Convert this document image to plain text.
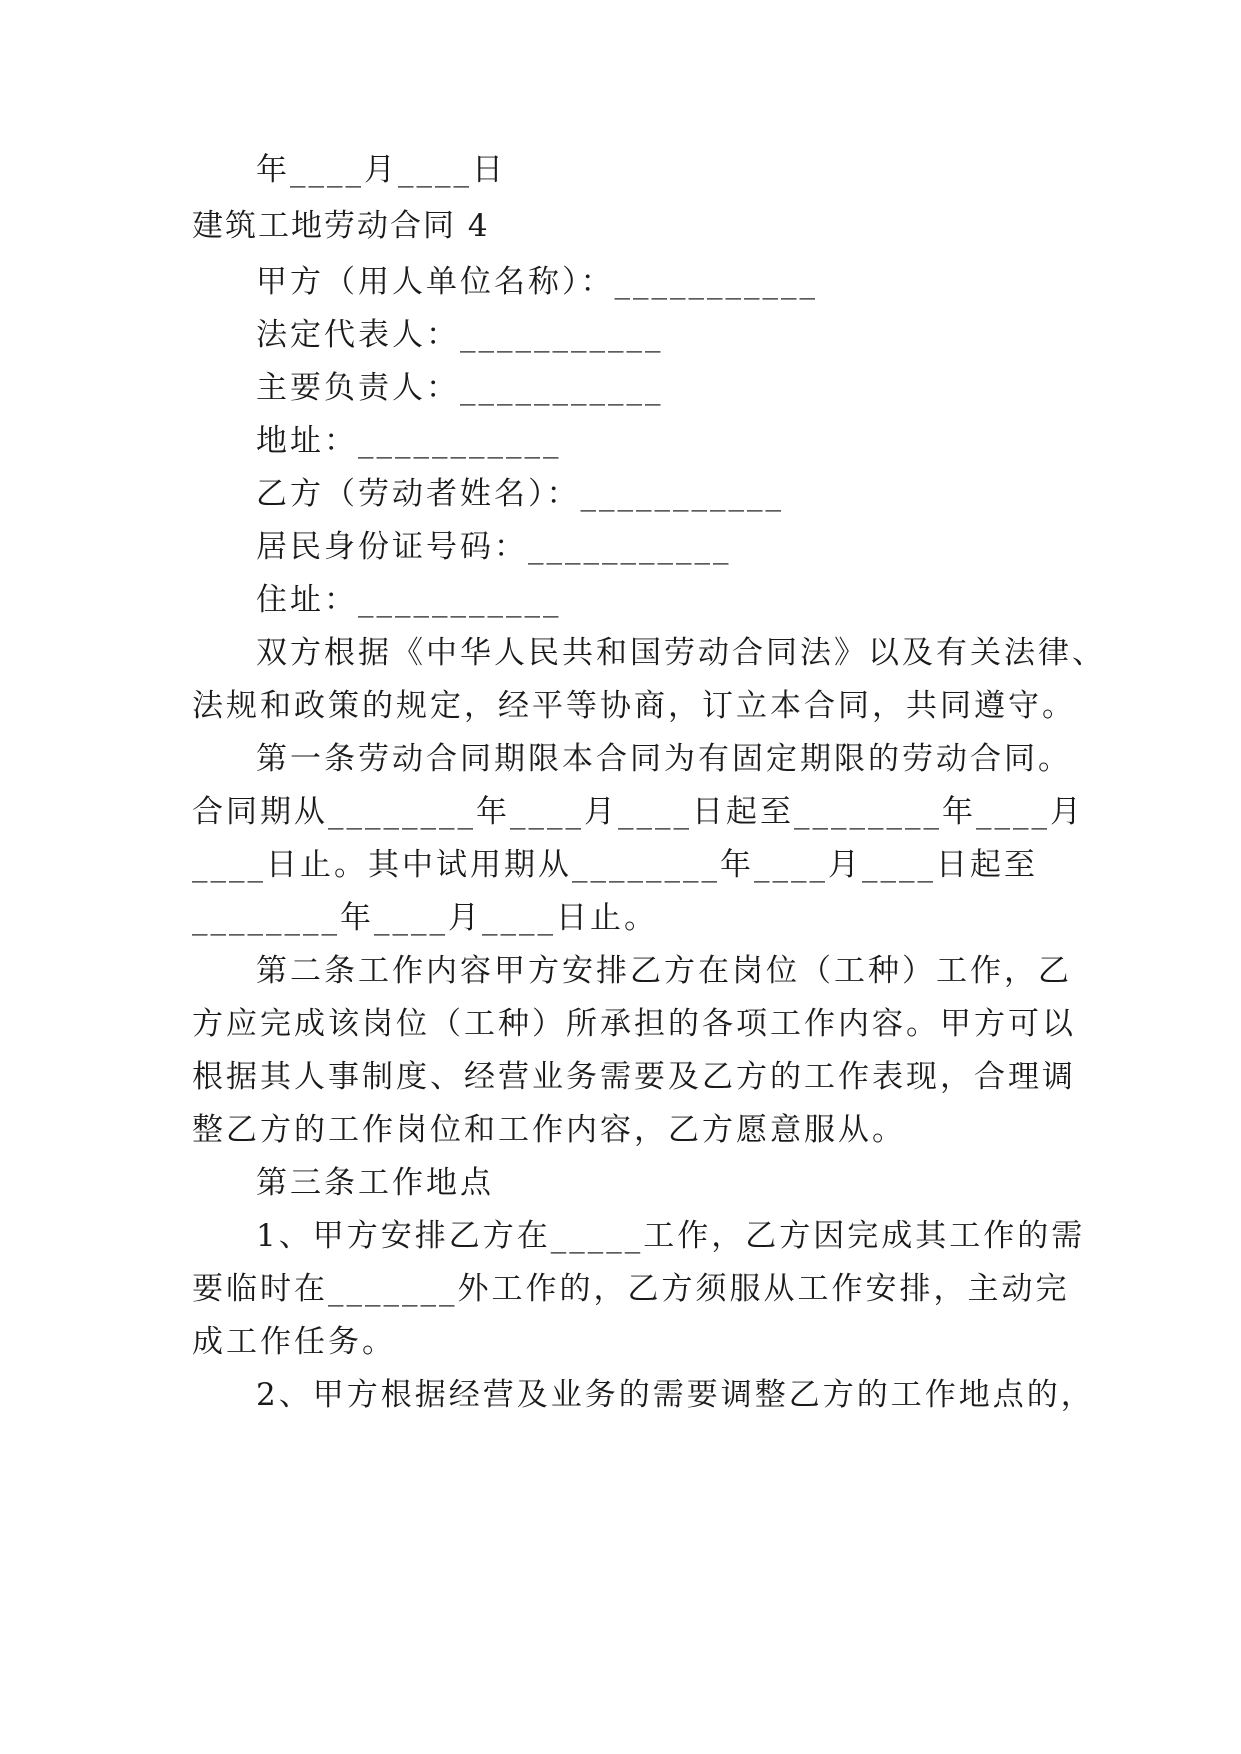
年____月____日
建筑工地劳动合同 4
甲方（用人单位名称）：___________
法定代表人：___________
主要负责人：___________
地址：___________
乙方（劳动者姓名）：___________
居民身份证号码：___________
住址：___________
双方根据《中华人民共和国劳动合同法》以及有关法律、
法规和政策的规定，经平等协商，订立本合同，共同遵守。
第一条劳动合同期限本合同为有固定期限的劳动合同。
合同期从________年____月____日起至________年____月
____日止。其中试用期从________年____月____日起至
________年____月____日止。
第二条工作内容甲方安排乙方在岗位（工种）工作，乙
方应完成该岗位（工种）所承担的各项工作内容。甲方可以
根据其人事制度、经营业务需要及乙方的工作表现，合理调
整乙方的工作岗位和工作内容，乙方愿意服从。
第三条工作地点
1、甲方安排乙方在_____工作，乙方因完成其工作的需
要临时在_______外工作的，乙方须服从工作安排，主动完
成工作任务。
2、甲方根据经营及业务的需要调整乙方的工作地点的，
